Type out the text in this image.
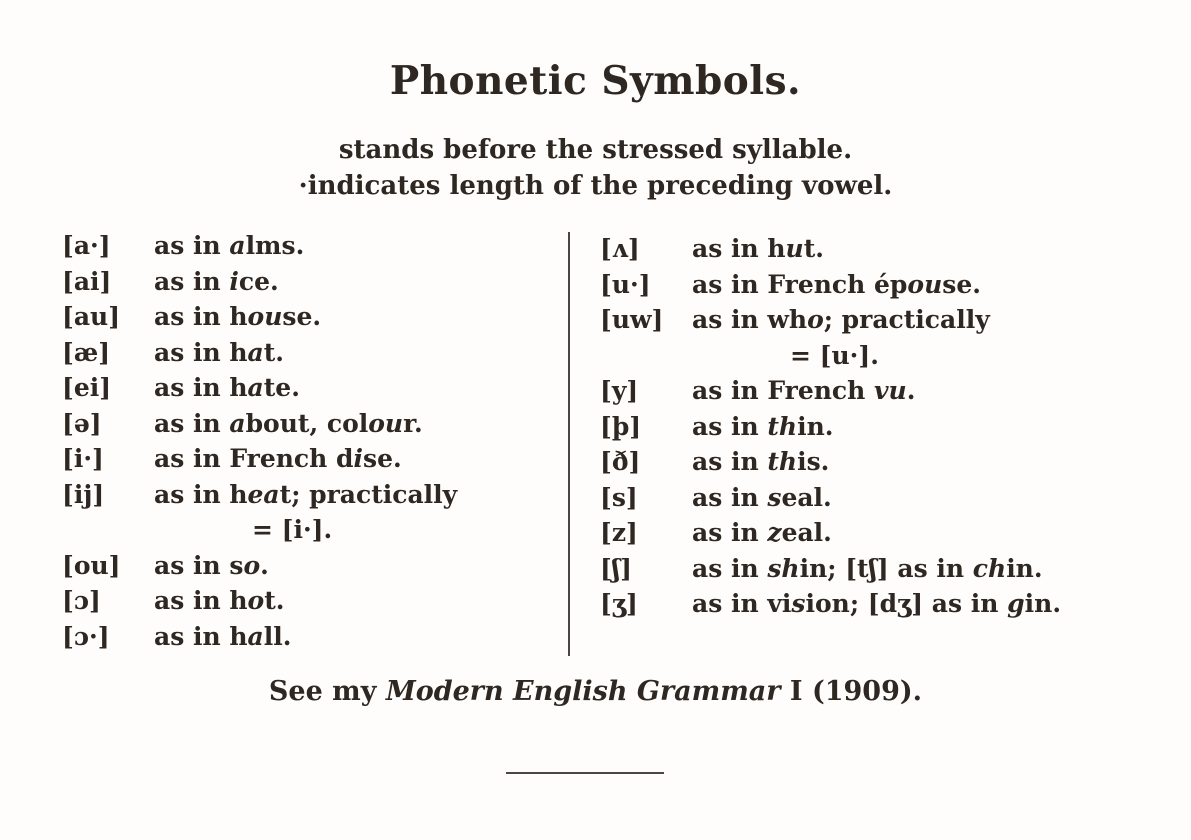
Phonetic Symbols.
stands before the stressed syllable.
·indicates length of the preceding vowel.
[a·] as in alms.
[ai] as in ice.
[au] as in house.
[æ] as in hat.
[ei] as in hate.
[ə] as in about, colour.
[i·] as in French dise.
[ij] as in heat; practically
= [i·].
[ou] as in so.
[ɔ] as in hot.
[ɔ·] as in hall.
[ʌ] as in hut.
[u·] as in French épouse.
[uw] as in who; practically
= [u·].
[y] as in French vu.
[þ] as in thin.
[ð] as in this.
[s] as in seal.
[z] as in zeal.
[ʃ] as in shin; [tʃ] as in chin.
[ʒ] as in vision; [dʒ] as in gin.
See my Modern English Grammar I (1909).
